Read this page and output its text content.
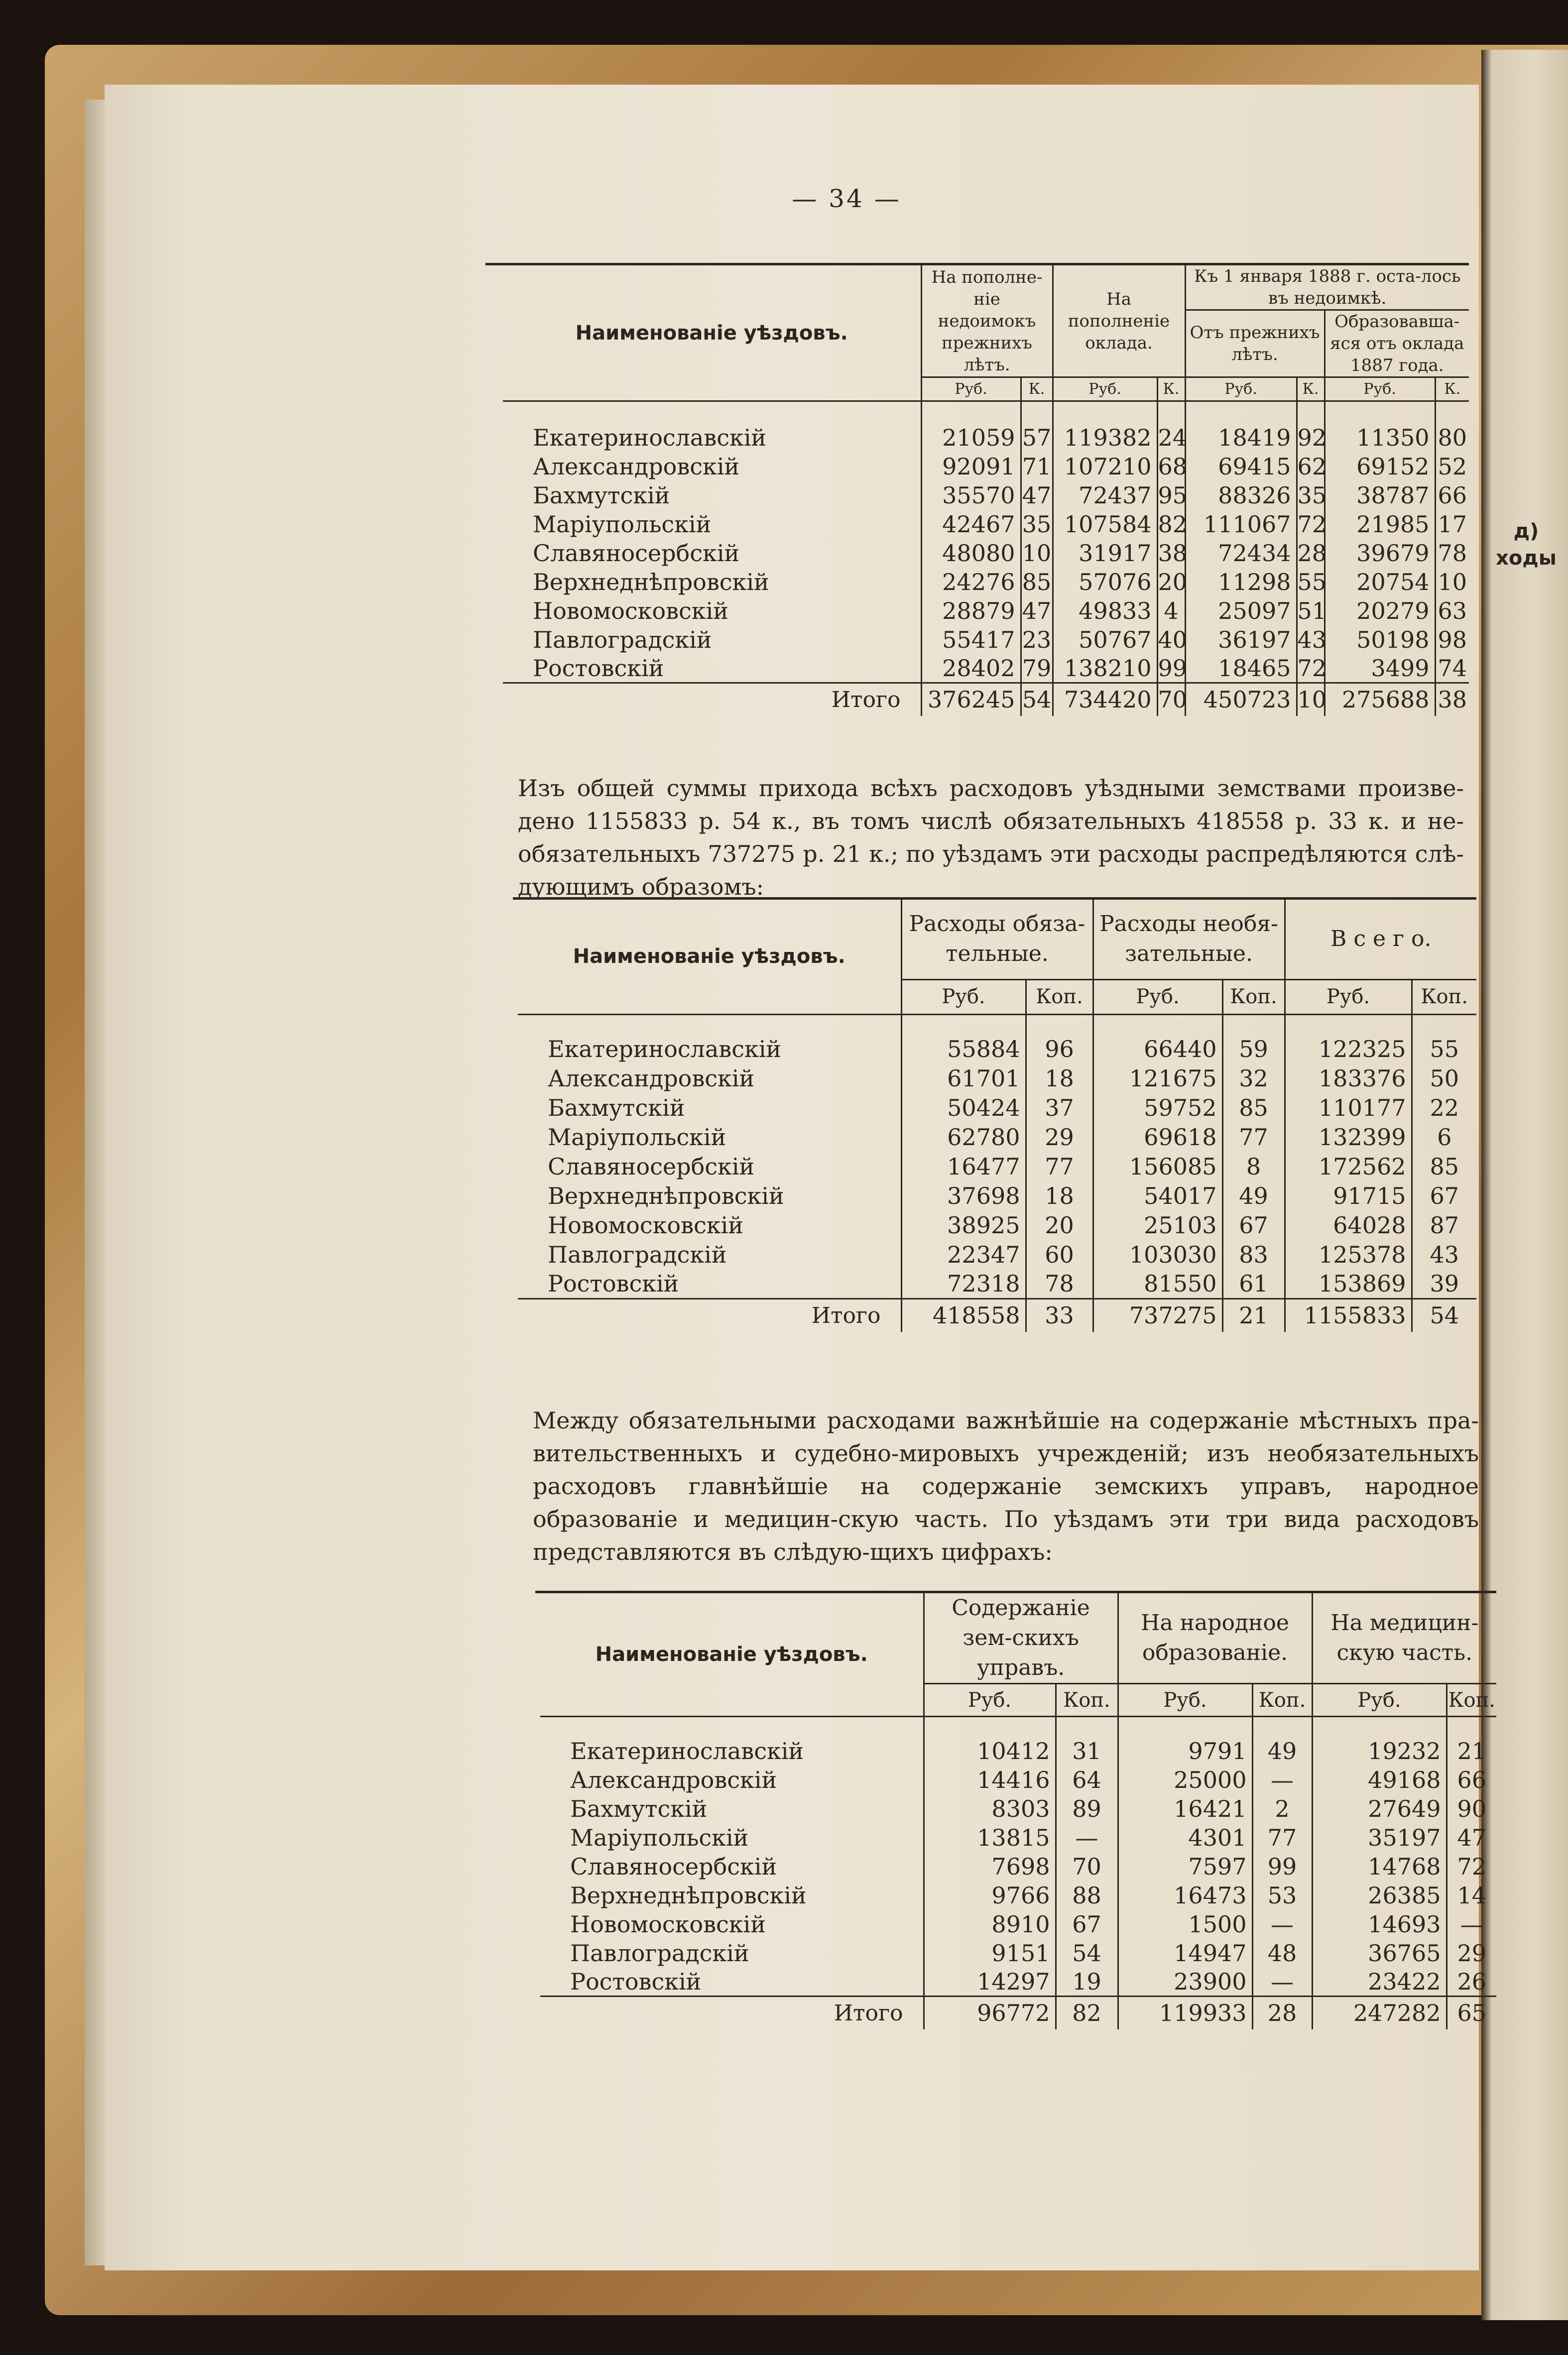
д)
ходы
— 34 —
Наименованіе уѣздовъ.	На пополне-ніе недоимокъ прежнихъ лѣтъ.		На пополненіе оклада.		Къ 1 января 1888 г. оста-лось въ недоимкѣ.			
					Отъ прежнихъ лѣтъ.		Образовавша-яся отъ оклада 1887 года.	
	Руб.	К.	Руб.	К.	Руб.	К.	Руб.	К.

Екатеринославскій	21059	57	119382	24	18419	92	11350	80
Александровскій	92091	71	107210	68	69415	62	69152	52
Бахмутскій	35570	47	72437	95	88326	35	38787	66
Маріупольскій	42467	35	107584	82	111067	72	21985	17
Славяносербскій	48080	10	31917	38	72434	28	39679	78
Верхнеднѣпровскій	24276	85	57076	20	11298	55	20754	10
Новомосковскій	28879	47	49833	4	25097	51	20279	63
Павлоградскій	55417	23	50767	40	36197	43	50198	98
Ростовскій	28402	79	138210	99	18465	72	3499	74
Итого	376245	54	734420	70	450723	10	275688	38
Изъ общей суммы прихода всѣхъ расходовъ уѣздными земствами произве-дено 1155833 р. 54 к., въ томъ числѣ обязательныхъ 418558 р. 33 к. и не-обязательныхъ 737275 р. 21 к.; по уѣздамъ эти расходы распредѣляются слѣ-дующимъ образомъ:
Наименованіе уѣздовъ.	Расходы обяза-тельные.		Расходы необя-зательные.		В с е г о.	
	Руб.	Коп.	Руб.	Коп.	Руб.	Коп.

Екатеринославскій	55884	96	66440	59	122325	55
Александровскій	61701	18	121675	32	183376	50
Бахмутскій	50424	37	59752	85	110177	22
Маріупольскій	62780	29	69618	77	132399	6
Славяносербскій	16477	77	156085	8	172562	85
Верхнеднѣпровскій	37698	18	54017	49	91715	67
Новомосковскій	38925	20	25103	67	64028	87
Павлоградскій	22347	60	103030	83	125378	43
Ростовскій	72318	78	81550	61	153869	39
Итого	418558	33	737275	21	1155833	54
Между обязательными расходами важнѣйшіе на содержаніе мѣстныхъ пра-вительственныхъ и судебно-мировыхъ учрежденій; изъ необязательныхъ расходовъ главнѣйшіе на содержаніе земскихъ управъ, народное образованіе и медицин-скую часть. По уѣздамъ эти три вида расходовъ представляются въ слѣдую-щихъ цифрахъ:
Наименованіе уѣздовъ.	Содержаніе зем-скихъ управъ.		На народное образованіе.		На медицин-скую часть.	
	Руб.	Коп.	Руб.	Коп.	Руб.	Коп.

Екатеринославскій	10412	31	9791	49	19232	21
Александровскій	14416	64	25000	—	49168	66
Бахмутскій	8303	89	16421	2	27649	90
Маріупольскій	13815	—	4301	77	35197	47
Славяносербскій	7698	70	7597	99	14768	72
Верхнеднѣпровскій	9766	88	16473	53	26385	14
Новомосковскій	8910	67	1500	—	14693	—
Павлоградскій	9151	54	14947	48	36765	29
Ростовскій	14297	19	23900	—	23422	26
Итого	96772	82	119933	28	247282	65
